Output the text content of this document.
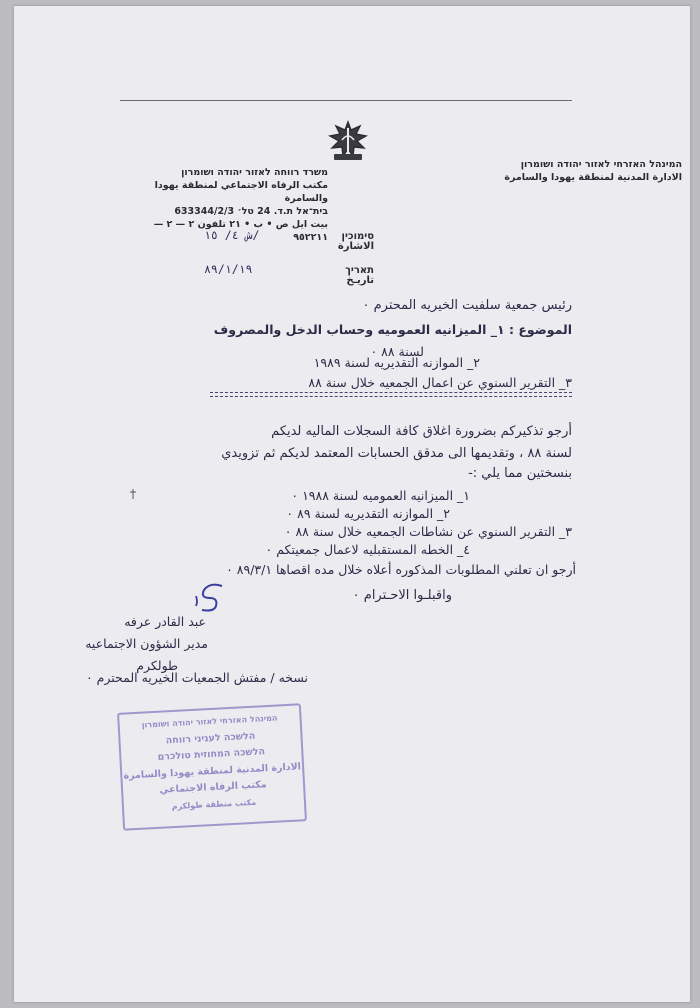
המינהל האזרחי לאזור יהודה ושומרון
الادارة المدنية لمنطقة يهودا والسامرة
משרד רווחה לאזור יהודה ושומרון
مكتب الرفاه الاجتماعي لمنطقة يهودا والسامرة
בית־אל ת.ד. 24 טל׳ 633344/2/3
بيت ايل ص • ب • ٢١ تلفون ٢ — ٢ — ٩٥٢٢١١
ش ٤/ ١٥/	סימוכין
الاشارة
٨٩/١/١٩	תאריך
تاريـخ
رئيس جمعية سلفيت الخيريه المحترم ٠
الموضوع : ١_ الميزانيه العموميه وحساب الدخل والمصروف
لسنة ٨٨ ٠
٢_ الموازنه التقديريه لسنة ١٩٨٩
٣_ التقرير السنوي عن اعمال الجمعيه خلال سنة ٨٨
أرجو تذكيركم بضرورة اغلاق كافة السجلات الماليه لديكم
لسنة ٨٨ ، وتقديمها الى مدقق الحسابات المعتمد لديكم ثم تزويدي
بنسختين مما يلي :-
١_ الميزانيه العموميه لسنة ١٩٨٨ ٠
٢_ الموازنه التقديريه لسنة ٨٩ ٠
٣_ التقرير السنوي عن نشاطات الجمعيه خلال سنة ٨٨ ٠
٤_ الخطه المستقبليه لاعمال جمعيتكم ٠
أرجو ان تعلني المطلوبات المذكوره أعلاه خلال مده اقصاها ٨٩/٣/١ ٠
واقبلـوا الاحـترام ٠
عبد القادر عرفه
مدير الشؤون الاجتماعيه
طولكرم
نسخه / مفتش الجمعيات الخيريه المحترم ٠
המינהל האזרחי לאזור יהודה ושומרון
הלשכה לעניני רווחה
הלשכה המחוזית טולכרם
الادارة المدنية لمنطقة يهودا والسامرة
مكتب الرفاه الاجتماعي
مكتب منطقة طولكرم
